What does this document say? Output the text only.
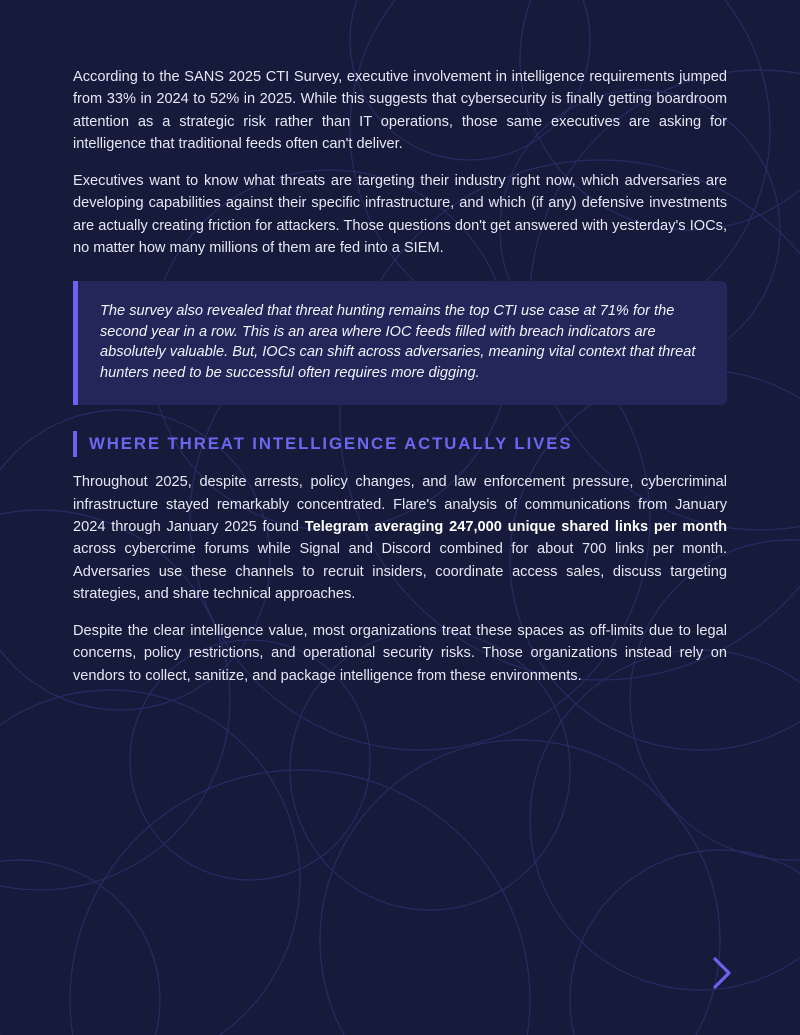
According to the SANS 2025 CTI Survey, executive involvement in intelligence requirements jumped from 33% in 2024 to 52% in 2025. While this suggests that cybersecurity is finally getting boardroom attention as a strategic risk rather than IT operations, those same executives are asking for intelligence that traditional feeds often can't deliver.

Executives want to know what threats are targeting their industry right now, which adversaries are developing capabilities against their specific infrastructure, and which (if any) defensive investments are actually creating friction for attackers. Those questions don't get answered with yesterday's IOCs, no matter how many millions of them are fed into a SIEM.

The survey also revealed that threat hunting remains the top CTI use case at 71% for the second year in a row. This is an area where IOC feeds filled with breach indicators are absolutely valuable. But, IOCs can shift across adversaries, meaning vital context that threat hunters need to be successful often requires more digging.

WHERE THREAT INTELLIGENCE ACTUALLY LIVES

Throughout 2025, despite arrests, policy changes, and law enforcement pressure, cybercriminal infrastructure stayed remarkably concentrated. Flare's analysis of communications from January 2024 through January 2025 found Telegram averaging 247,000 unique shared links per month across cybercrime forums while Signal and Discord combined for about 700 links per month. Adversaries use these channels to recruit insiders, coordinate access sales, discuss targeting strategies, and share technical approaches.

Despite the clear intelligence value, most organizations treat these spaces as off-limits due to legal concerns, policy restrictions, and operational security risks. Those organizations instead rely on vendors to collect, sanitize, and package intelligence from these environments.
